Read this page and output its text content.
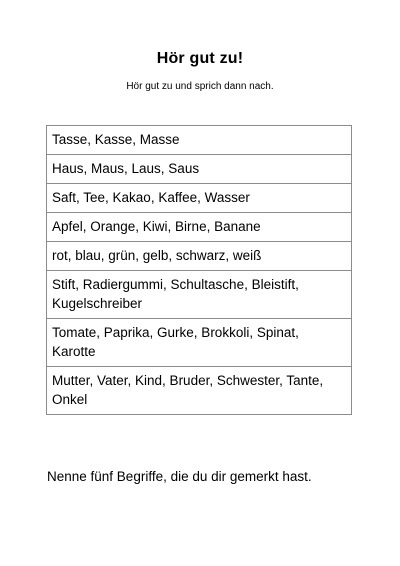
Hör gut zu!
Hör gut zu und sprich dann nach.
Tasse, Kasse, Masse
Haus, Maus, Laus, Saus
Saft, Tee, Kakao, Kaffee, Wasser
Apfel, Orange, Kiwi, Birne, Banane
rot, blau, grün, gelb, schwarz, weiß
Stift, Radiergummi, Schultasche, Bleistift, Kugelschreiber
Tomate, Paprika, Gurke, Brokkoli, Spinat, Karotte
Mutter, Vater, Kind, Bruder, Schwester, Tante, Onkel
Nenne fünf Begriffe, die du dir gemerkt hast.
